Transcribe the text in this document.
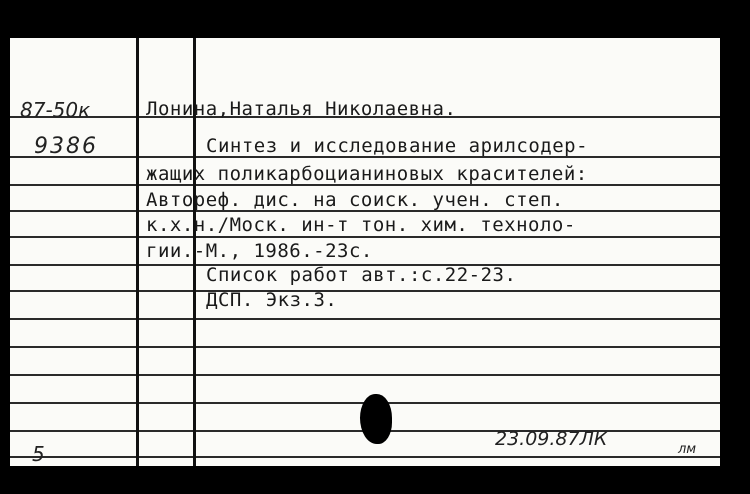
87-50к
9386
Лонина,Наталья Николаевна.
Синтез и исследование арилсодер-
жащих поликарбоцианиновых красителей:
Автореф. дис. на соиск. учен. степ.
к.х.н./Моск. ин-т тон. хим. техноло-
гии.-М., 1986.-23с.
Список работ авт.:с.22-23.
ДСП. Экз.3.
23.09.87ЛК
5	лм
